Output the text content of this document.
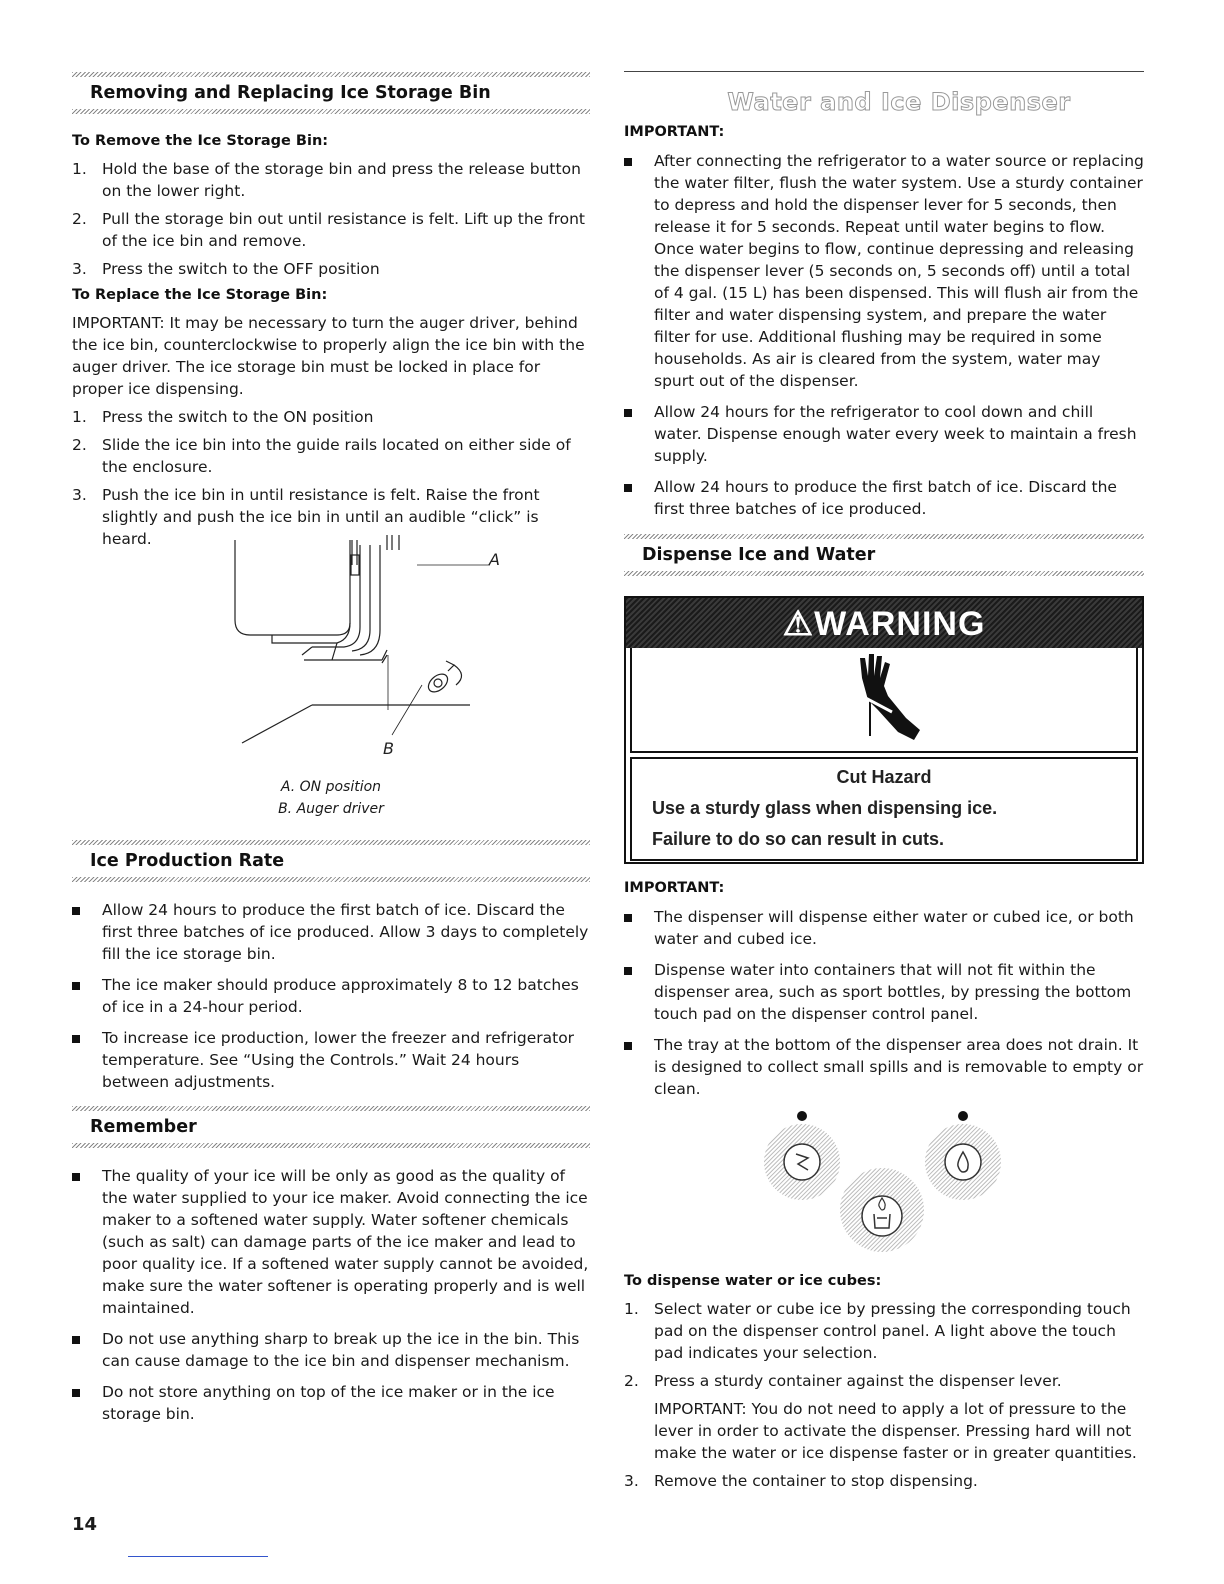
Removing and Replacing Ice Storage Bin
To Remove the Ice Storage Bin:
1. Hold the base of the storage bin and press the release button on the lower right.
2. Pull the storage bin out until resistance is felt. Lift up the front of the ice bin and remove.
3. Press the switch to the OFF position
To Replace the Ice Storage Bin:

IMPORTANT: It may be necessary to turn the auger driver, behind the ice bin, counterclockwise to properly align the ice bin with the auger driver. The ice storage bin must be locked in place for proper ice dispensing.

1. Press the switch to the ON position
2. Slide the ice bin into the guide rails located on either side of the enclosure.
3. Push the ice bin in until resistance is felt. Raise the front slightly and push the ice bin in until an audible “click” is heard.
A
B
A. ON position
B. Auger driver
Ice Production Rate
Allow 24 hours to produce the first batch of ice. Discard the first three batches of ice produced. Allow 3 days to completely fill the ice storage bin.
The ice maker should produce approximately 8 to 12 batches of ice in a 24-hour period.
To increase ice production, lower the freezer and refrigerator temperature. See “Using the Controls.” Wait 24 hours between adjustments.
Remember
The quality of your ice will be only as good as the quality of the water supplied to your ice maker. Avoid connecting the ice maker to a softened water supply. Water softener chemicals (such as salt) can damage parts of the ice maker and lead to poor quality ice. If a softened water supply cannot be avoided, make sure the water softener is operating properly and is well maintained.
Do not use anything sharp to break up the ice in the bin. This can cause damage to the ice bin and dispenser mechanism.
Do not store anything on top of the ice maker or in the ice storage bin.
14
Water and Ice Dispenser
IMPORTANT:
After connecting the refrigerator to a water source or replacing the water filter, flush the water system. Use a sturdy container to depress and hold the dispenser lever for 5 seconds, then release it for 5 seconds. Repeat until water begins to flow. Once water begins to flow, continue depressing and releasing the dispenser lever (5 seconds on, 5 seconds off) until a total of 4 gal. (15 L) has been dispensed. This will flush air from the filter and water dispensing system, and prepare the water filter for use. Additional flushing may be required in some households. As air is cleared from the system, water may spurt out of the dispenser.
Allow 24 hours for the refrigerator to cool down and chill water. Dispense enough water every week to maintain a fresh supply.
Allow 24 hours to produce the first batch of ice. Discard the first three batches of ice produced.
Dispense Ice and Water
⚠WARNING
Cut Hazard
Use a sturdy glass when dispensing ice.
Failure to do so can result in cuts.
IMPORTANT:
The dispenser will dispense either water or cubed ice, or both water and cubed ice.
Dispense water into containers that will not fit within the dispenser area, such as sport bottles, by pressing the bottom touch pad on the dispenser control panel.
The tray at the bottom of the dispenser area does not drain. It is designed to collect small spills and is removable to empty or clean.
To dispense water or ice cubes:
1. Select water or cube ice by pressing the corresponding touch pad on the dispenser control panel. A light above the touch pad indicates your selection.
2. Press a sturdy container against the dispenser lever.
IMPORTANT: You do not need to apply a lot of pressure to the lever in order to activate the dispenser. Pressing hard will not make the water or ice dispense faster or in greater quantities.
3. Remove the container to stop dispensing.
